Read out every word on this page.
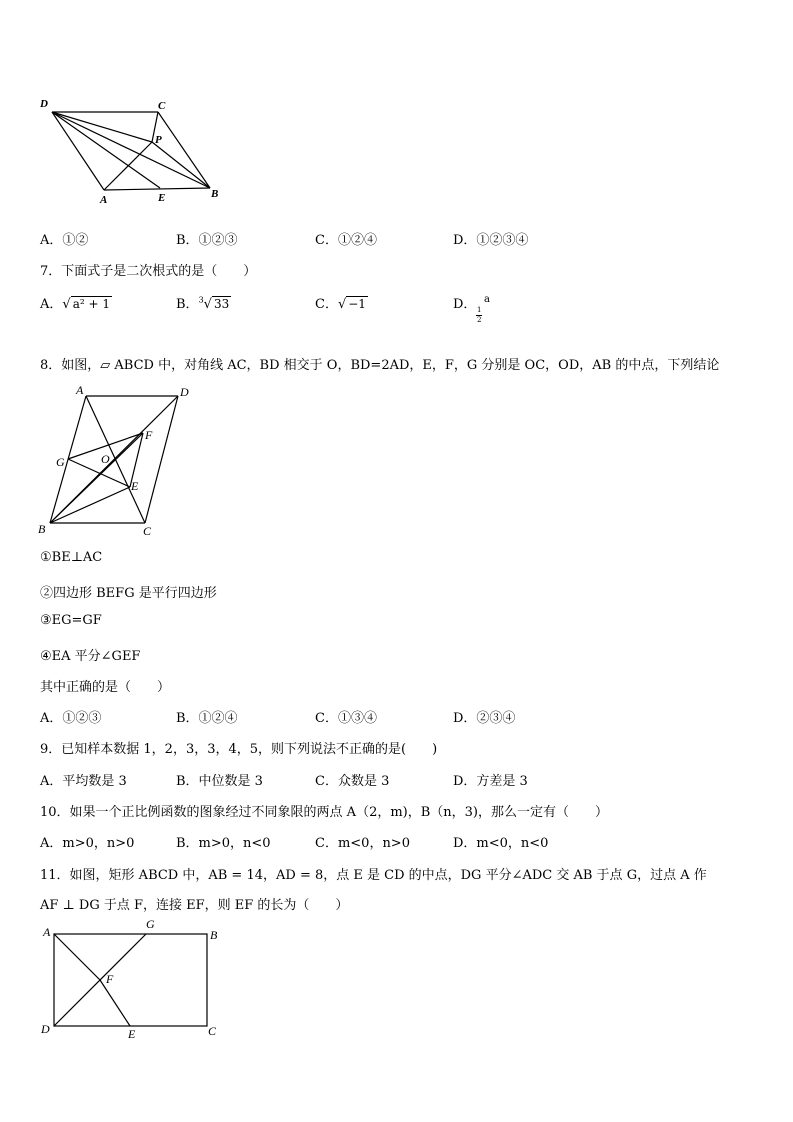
D	C
P
A	E	B
A．①②	B．①②③	C．①②④	D．①②③④
7．下面式子是二次根式的是（　　）
A．√ a² + 1	B．$^3$√ 33	C．√ −1	D． a
1
2
8．如图，▱ ABCD 中，对角线 AC，BD 相交于 O，BD=2AD，E，F，G 分别是 OC，OD，AB 的中点，下列结论
A	D
F
G	O
E
B	C
①BE⊥AC
②四边形 BEFG 是平行四边形
③EG=GF
④EA 平分∠GEF
其中正确的是（　　）
A．①②③	B．①②④	C．①③④	D．②③④
9．已知样本数据 1，2，3，3，4，5，则下列说法不正确的是(　　)
A．平均数是 3	B．中位数是 3	C．众数是 3	D．方差是 3
10．如果一个正比例函数的图象经过不同象限的两点 A（2，m)，B（n，3)，那么一定有（　　）
A．m>0，n>0	B．m>0，n<0	C．m<0，n>0	D．m<0，n<0
11．如图，矩形 ABCD 中，AB = 14，AD = 8，点 E 是 CD 的中点，DG 平分∠ADC 交 AB 于点 G，过点 A 作
AF ⊥ DG 于点 F，连接 EF，则 EF 的长为（　　）
A
G
B
F
D	E	C
